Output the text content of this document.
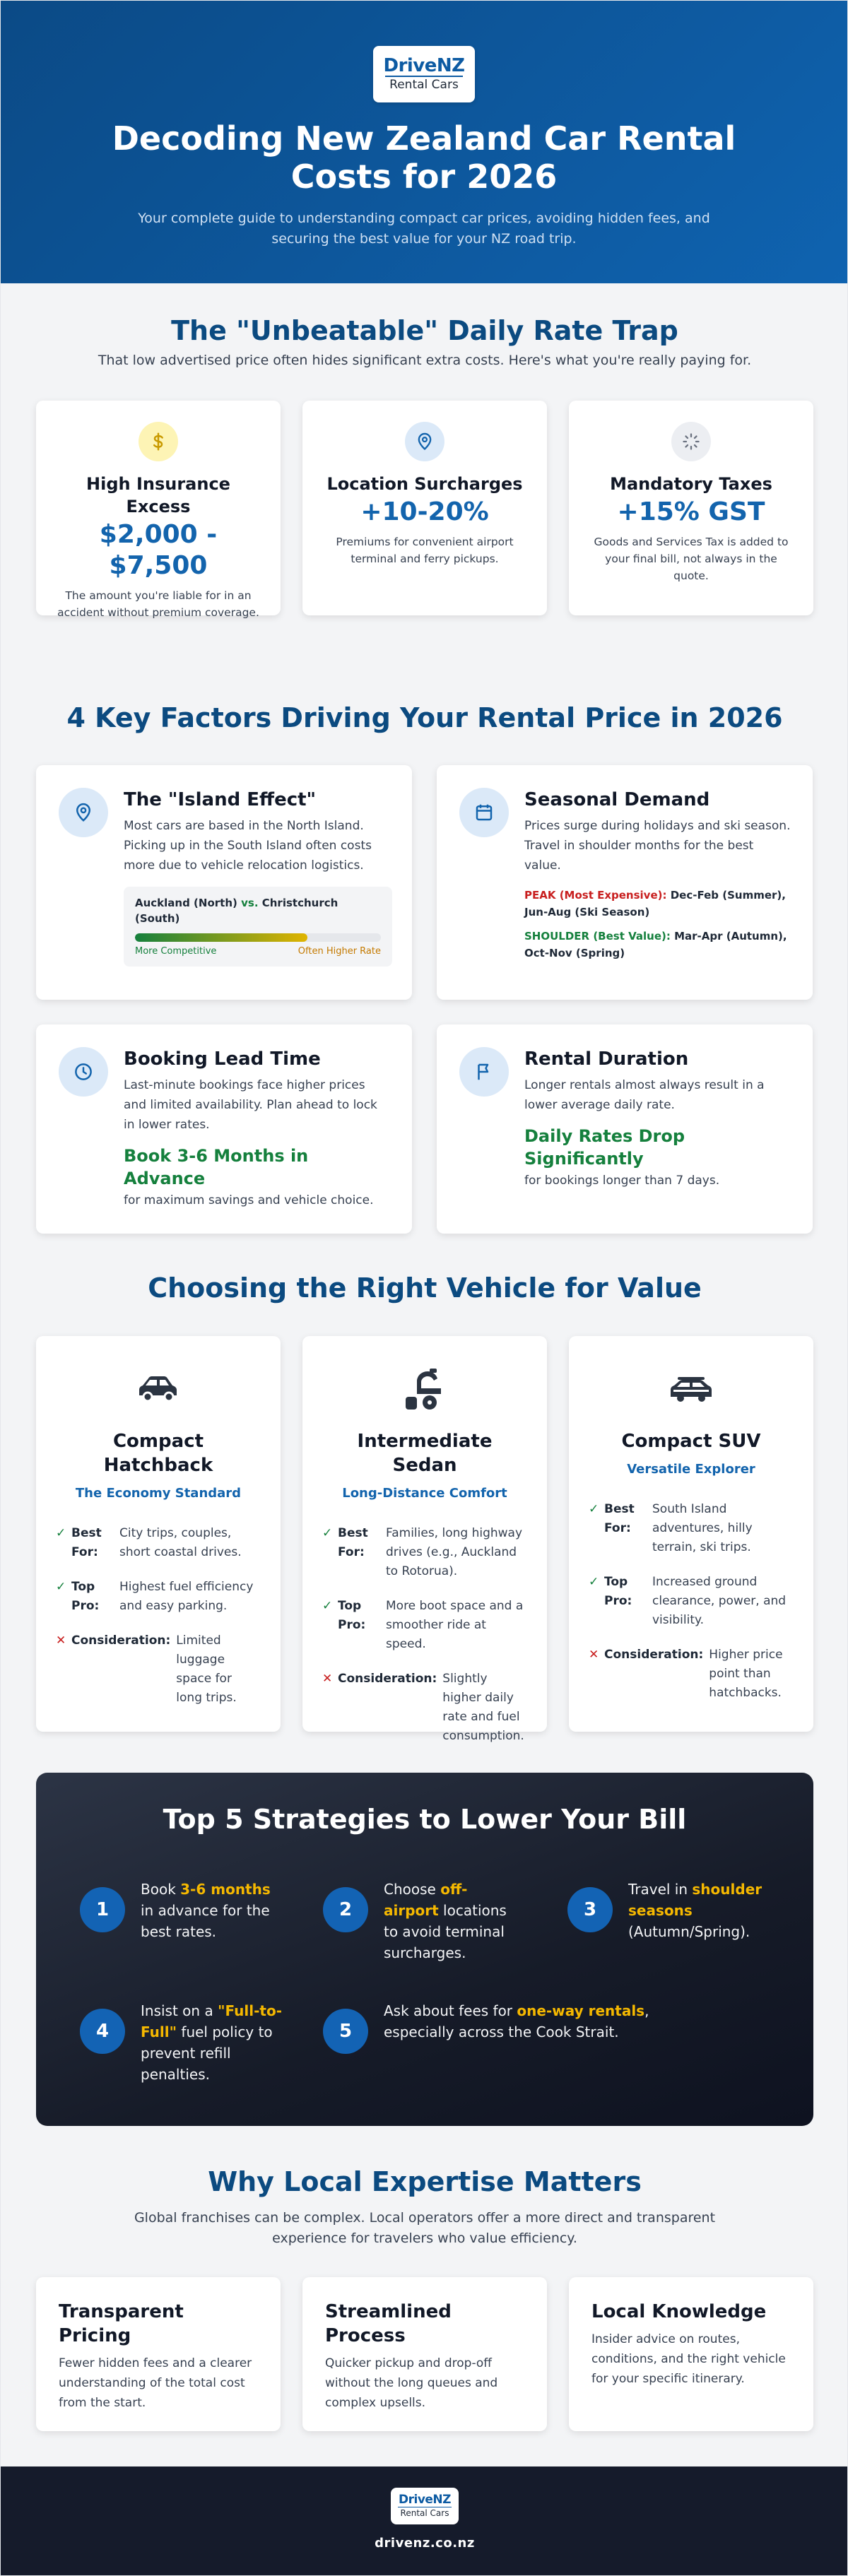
DriveNZ
Rental Cars
Decoding New Zealand Car Rental Costs for 2026

Your complete guide to understanding compact car prices, avoiding hidden fees, and securing the best value for your NZ road trip.

The "Unbeatable" Daily Rate Trap

That low advertised price often hides significant extra costs. Here's what you're really paying for.

High Insurance Excess
$2,000 - $7,500

The amount you're liable for in an accident without premium coverage.

Location Surcharges
+10-20%

Premiums for convenient airport terminal and ferry pickups.

Mandatory Taxes
+15% GST

Goods and Services Tax is added to your final bill, not always in the quote.

4 Key Factors Driving Your Rental Price in 2026
The "Island Effect"

Most cars are based in the North Island. Picking up in the South Island often costs more due to vehicle relocation logistics.

Auckland (North) vs. Christchurch (South)
More Competitive	Often Higher Rate
Seasonal Demand

Prices surge during holidays and ski season. Travel in shoulder months for the best value.

PEAK (Most Expensive): Dec-Feb (Summer), Jun-Aug (Ski Season)
SHOULDER (Best Value): Mar-Apr (Autumn), Oct-Nov (Spring)
Booking Lead Time

Last-minute bookings face higher prices and limited availability. Plan ahead to lock in lower rates.

Book 3-6 Months in Advance
for maximum savings and vehicle choice.
Rental Duration

Longer rentals almost always result in a lower average daily rate.

Daily Rates Drop Significantly
for bookings longer than 7 days.
Choosing the Right Vehicle for Value
Compact Hatchback
The Economy Standard
✓ Best For:
City trips, couples, short coastal drives.
✓ Top Pro:
Highest fuel efficiency and easy parking.
✕ Consideration: Limited luggage space for long trips.
Intermediate Sedan
Long-Distance Comfort
✓ Best For:
Families, long highway drives (e.g., Auckland to Rotorua).
✓ Top Pro:
More boot space and a smoother ride at speed.
✕ Consideration: Slightly higher daily rate and fuel consumption.
Compact SUV
Versatile Explorer
✓ Best For:
South Island adventures, hilly terrain, ski trips.
✓ Top Pro:
Increased ground clearance, power, and visibility.
✕ Consideration: Higher price point than hatchbacks.
Top 5 Strategies to Lower Your Bill
1
Book 3-6 months in advance for the best rates.
2
Choose off-airport locations to avoid terminal surcharges.
3
Travel in shoulder seasons (Autumn/Spring).
4
Insist on a "Full-to-Full" fuel policy to prevent refill penalties.
5
Ask about fees for one-way rentals, especially across the Cook Strait.
Why Local Expertise Matters

Global franchises can be complex. Local operators offer a more direct and transparent experience for travelers who value efficiency.

Transparent Pricing

Fewer hidden fees and a clearer understanding of the total cost from the start.

Streamlined Process

Quicker pickup and drop-off without the long queues and complex upsells.

Local Knowledge

Insider advice on routes, conditions, and the right vehicle for your specific itinerary.

DriveNZ
Rental Cars
drivenz.co.nz
